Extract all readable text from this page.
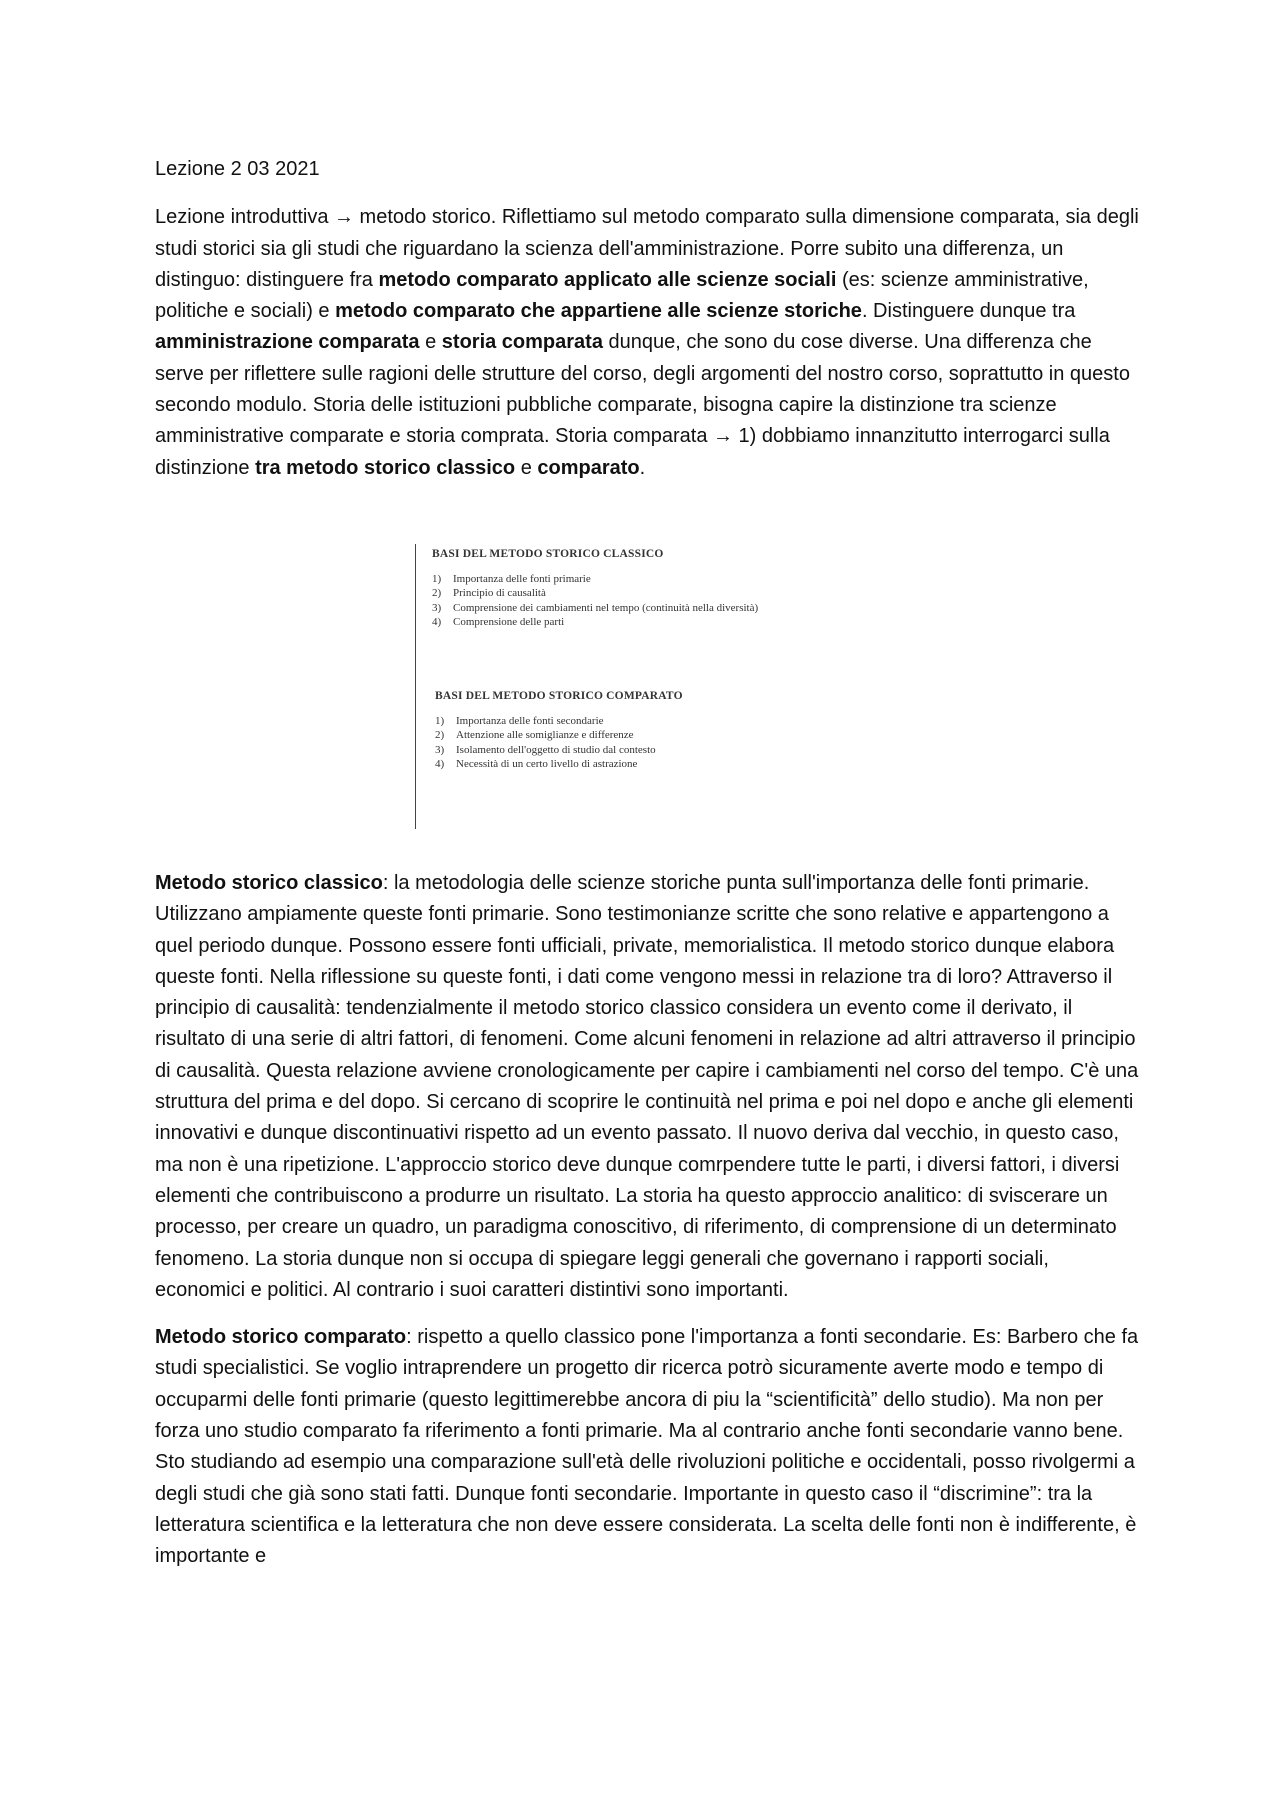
Lezione 2 03 2021

Lezione introduttiva → metodo storico. Riflettiamo sul metodo comparato sulla dimensione comparata, sia degli studi storici sia gli studi che riguardano la scienza dell'amministrazione. Porre subito una differenza, un distinguo: distinguere fra metodo comparato applicato alle scienze sociali (es: scienze amministrative, politiche e sociali) e metodo comparato che appartiene alle scienze storiche. Distinguere dunque tra amministrazione comparata e storia comparata dunque, che sono du cose diverse. Una differenza che serve per riflettere sulle ragioni delle strutture del corso, degli argomenti del nostro corso, soprattutto in questo secondo modulo. Storia delle istituzioni pubbliche comparate, bisogna capire la distinzione tra scienze amministrative comparate e storia comprata. Storia comparata → 1) dobbiamo innanzitutto interrogarci sulla distinzione tra metodo storico classico e comparato.

BASI DEL METODO STORICO CLASSICO
1)	Importanza delle fonti primarie
2)	Principio di causalità
3)	Comprensione dei cambiamenti nel tempo (continuità nella diversità)
4)	Comprensione delle parti
BASI DEL METODO STORICO COMPARATO
1)	Importanza delle fonti secondarie
2)	Attenzione alle somiglianze e differenze
3)	Isolamento dell'oggetto di studio dal contesto
4)	Necessità di un certo livello di astrazione

Metodo storico classico: la metodologia delle scienze storiche punta sull'importanza delle fonti primarie. Utilizzano ampiamente queste fonti primarie. Sono testimonianze scritte che sono relative e appartengono a quel periodo dunque. Possono essere fonti ufficiali, private, memorialistica. Il metodo storico dunque elabora queste fonti. Nella riflessione su queste fonti, i dati come vengono messi in relazione tra di loro? Attraverso il principio di causalità: tendenzialmente il metodo storico classico considera un evento come il derivato, il risultato di una serie di altri fattori, di fenomeni. Come alcuni fenomeni in relazione ad altri attraverso il principio di causalità. Questa relazione avviene cronologicamente per capire i cambiamenti nel corso del tempo. C'è una struttura del prima e del dopo. Si cercano di scoprire le continuità nel prima e poi nel dopo e anche gli elementi innovativi e dunque discontinuativi rispetto ad un evento passato. Il nuovo deriva dal vecchio, in questo caso, ma non è una ripetizione. L'approccio storico deve dunque comrpendere tutte le parti, i diversi fattori, i diversi elementi che contribuiscono a produrre un risultato. La storia ha questo approccio analitico: di sviscerare un processo, per creare un quadro, un paradigma conoscitivo, di riferimento, di comprensione di un determinato fenomeno. La storia dunque non si occupa di spiegare leggi generali che governano i rapporti sociali, economici e politici. Al contrario i suoi caratteri distintivi sono importanti.

Metodo storico comparato: rispetto a quello classico pone l'importanza a fonti secondarie. Es: Barbero che fa studi specialistici. Se voglio intraprendere un progetto dir ricerca potrò sicuramente averte modo e tempo di occuparmi delle fonti primarie (questo legittimerebbe ancora di piu la “scientificità” dello studio). Ma non per forza uno studio comparato fa riferimento a fonti primarie. Ma al contrario anche fonti secondarie vanno bene. Sto studiando ad esempio una comparazione sull'età delle rivoluzioni politiche e occidentali, posso rivolgermi a degli studi che già sono stati fatti. Dunque fonti secondarie. Importante in questo caso il “discrimine”: tra la letteratura scientifica e la letteratura che non deve essere considerata. La scelta delle fonti non è indifferente, è importante e
